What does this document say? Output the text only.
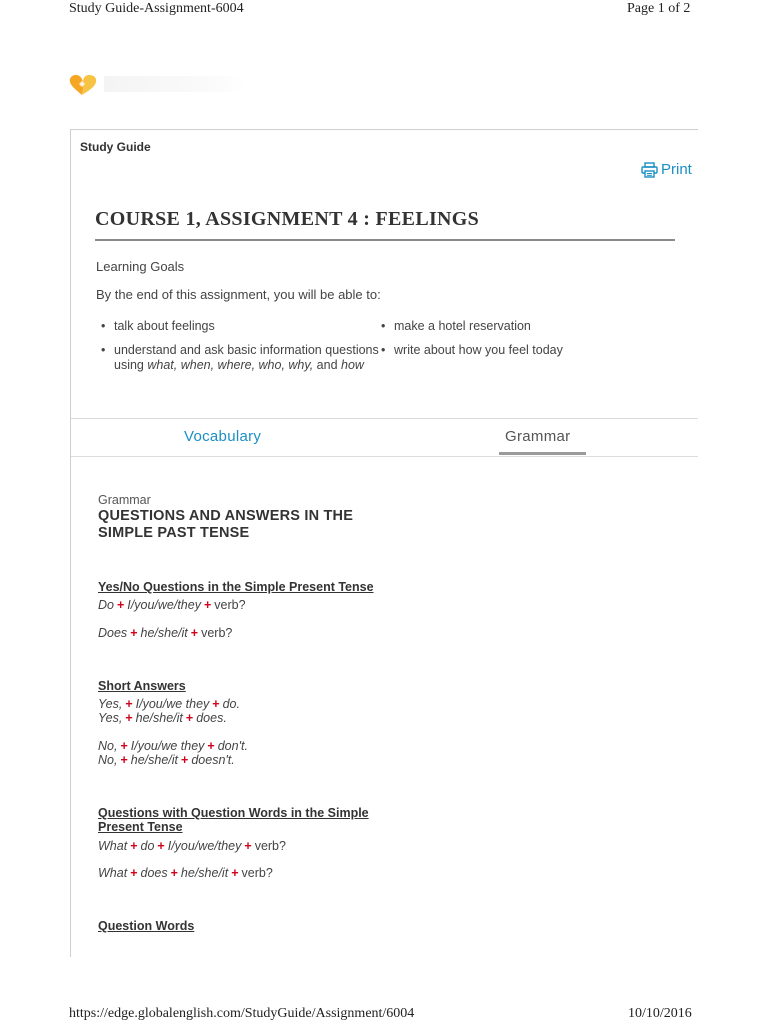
Study Guide-Assignment-6004	Page 1 of 2
Study Guide
Print
COURSE 1, ASSIGNMENT 4 : FEELINGS
Learning Goals
By the end of this assignment, you will be able to:
• talk about feelings
• understand and ask basic information questions using what, when, where, who, why, and how
• make a hotel reservation
• write about how you feel today
Vocabulary	Grammar
Grammar
QUESTIONS AND ANSWERS IN THE SIMPLE PAST TENSE
Yes/No Questions in the Simple Present Tense
Do + I/you/we/they + verb?
Does + he/she/it + verb?
Short Answers
Yes, + I/you/we they + do.
Yes, + he/she/it + does.
No, + I/you/we they + don't.
No, + he/she/it + doesn't.
Questions with Question Words in the Simple Present Tense
What + do + I/you/we/they + verb?
What + does + he/she/it + verb?
Question Words
https://edge.globalenglish.com/StudyGuide/Assignment/6004	10/10/2016
